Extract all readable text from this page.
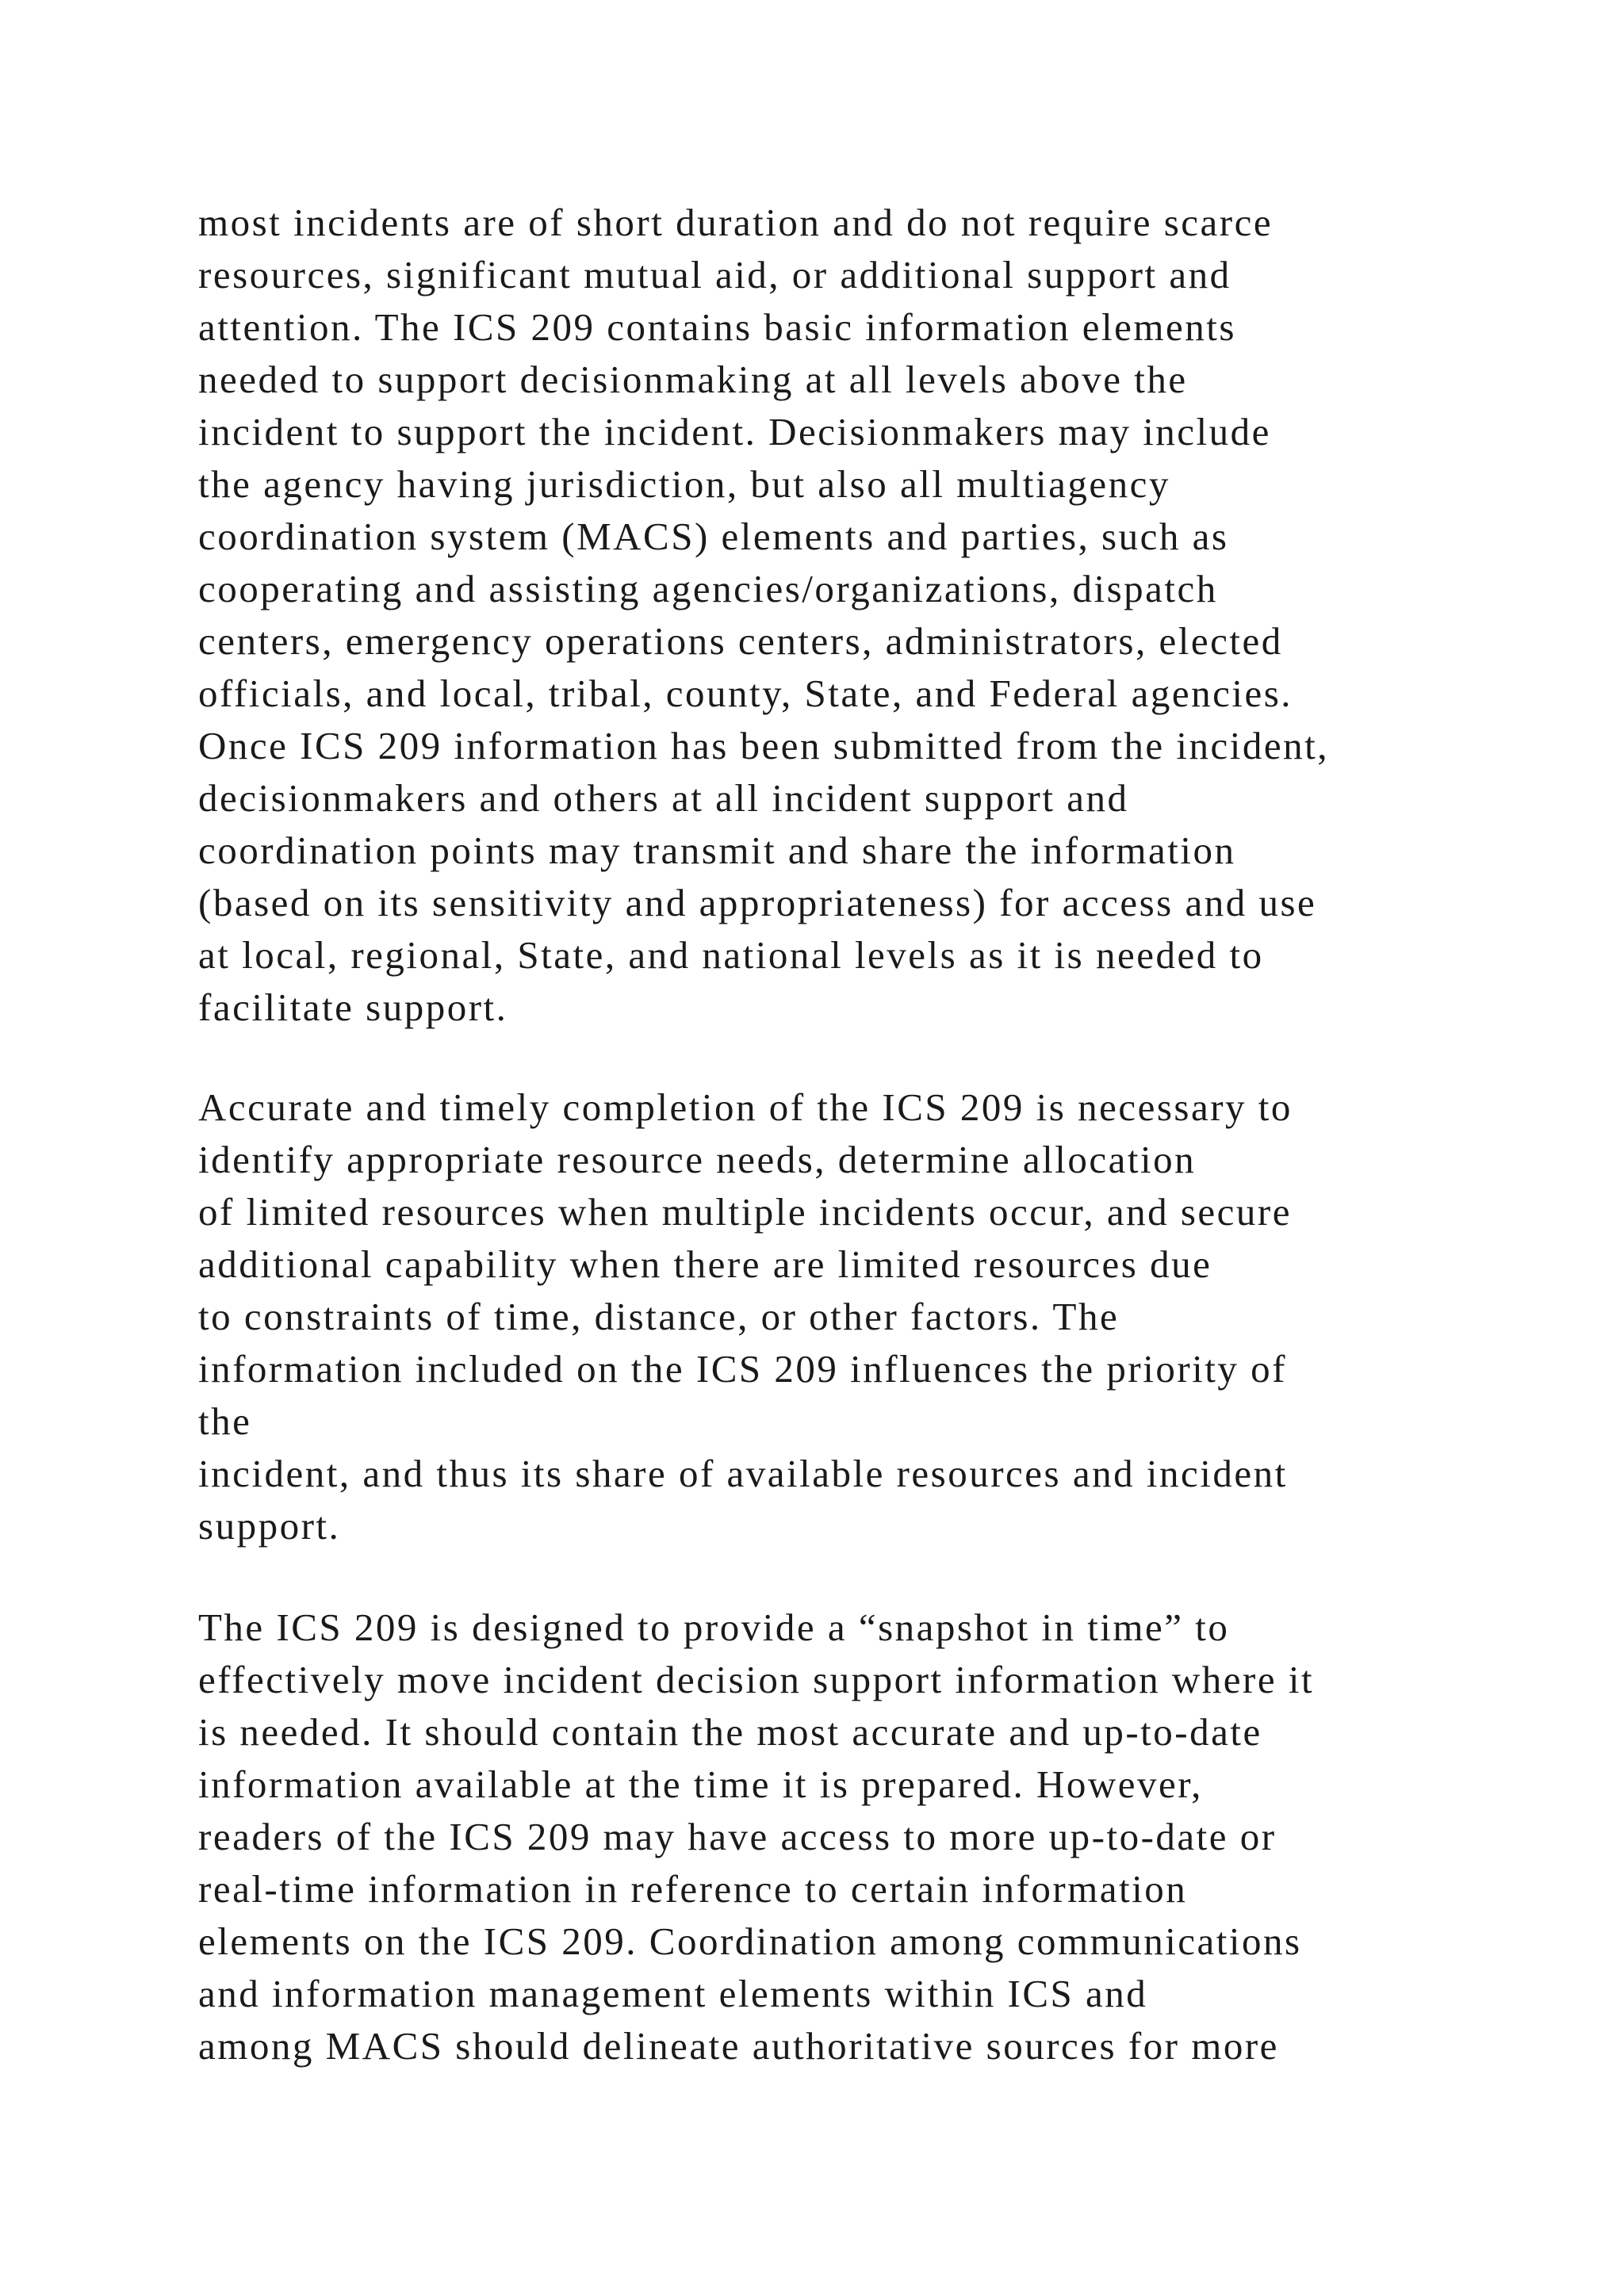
most incidents are of short duration and do not require scarce
resources, significant mutual aid, or additional support and
attention. The ICS 209 contains basic information elements
needed to support decisionmaking at all levels above the
incident to support the incident. Decisionmakers may include
the agency having jurisdiction, but also all multiagency
coordination system (MACS) elements and parties, such as
cooperating and assisting agencies/organizations, dispatch
centers, emergency operations centers, administrators, elected
officials, and local, tribal, county, State, and Federal agencies.
Once ICS 209 information has been submitted from the incident,
decisionmakers and others at all incident support and
coordination points may transmit and share the information
(based on its sensitivity and appropriateness) for access and use
at local, regional, State, and national levels as it is needed to
facilitate support.
Accurate and timely completion of the ICS 209 is necessary to
identify appropriate resource needs, determine allocation
of limited resources when multiple incidents occur, and secure
additional capability when there are limited resources due
to constraints of time, distance, or other factors. The
information included on the ICS 209 influences the priority of
the
incident, and thus its share of available resources and incident
support.
The ICS 209 is designed to provide a “snapshot in time” to
effectively move incident decision support information where it
is needed. It should contain the most accurate and up-to-date
information available at the time it is prepared. However,
readers of the ICS 209 may have access to more up-to-date or
real-time information in reference to certain information
elements on the ICS 209. Coordination among communications
and information management elements within ICS and
among MACS should delineate authoritative sources for more
